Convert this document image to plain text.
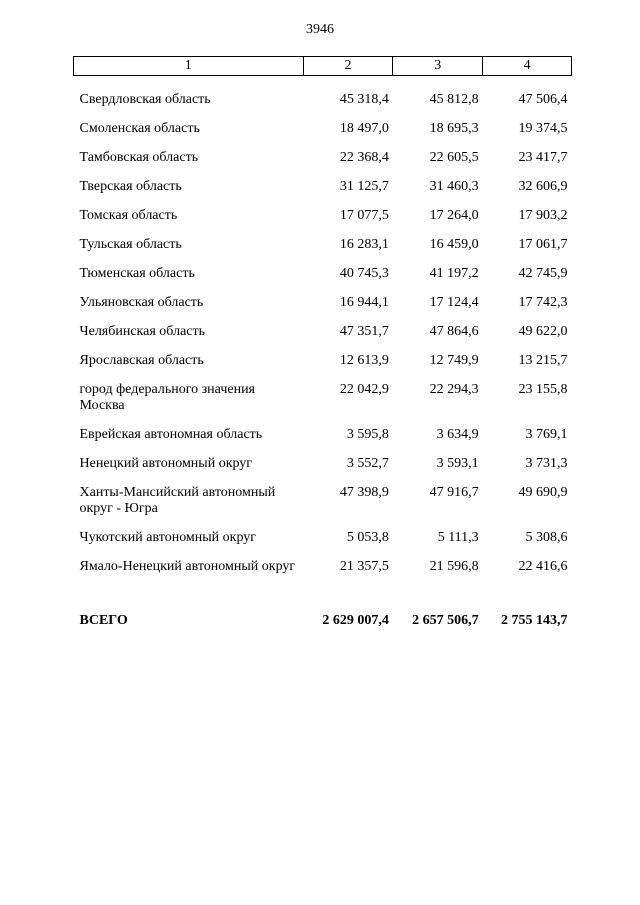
3946
1	2	3	4
Свердловская область	45 318,4	45 812,8	47 506,4
Смоленская область	18 497,0	18 695,3	19 374,5
Тамбовская область	22 368,4	22 605,5	23 417,7
Тверская область	31 125,7	31 460,3	32 606,9
Томская область	17 077,5	17 264,0	17 903,2
Тульская область	16 283,1	16 459,0	17 061,7
Тюменская область	40 745,3	41 197,2	42 745,9
Ульяновская область	16 944,1	17 124,4	17 742,3
Челябинская область	47 351,7	47 864,6	49 622,0
Ярославская область	12 613,9	12 749,9	13 215,7
город федерального значения Москва	22 042,9	22 294,3	23 155,8
Еврейская автономная область	3 595,8	3 634,9	3 769,1
Ненецкий автономный округ	3 552,7	3 593,1	3 731,3
Ханты-Мансийский автономный округ - Югра	47 398,9	47 916,7	49 690,9
Чукотский автономный округ	5 053,8	5 111,3	5 308,6
Ямало-Ненецкий автономный округ	21 357,5	21 596,8	22 416,6
ВСЕГО	2 629 007,4	2 657 506,7	2 755 143,7
